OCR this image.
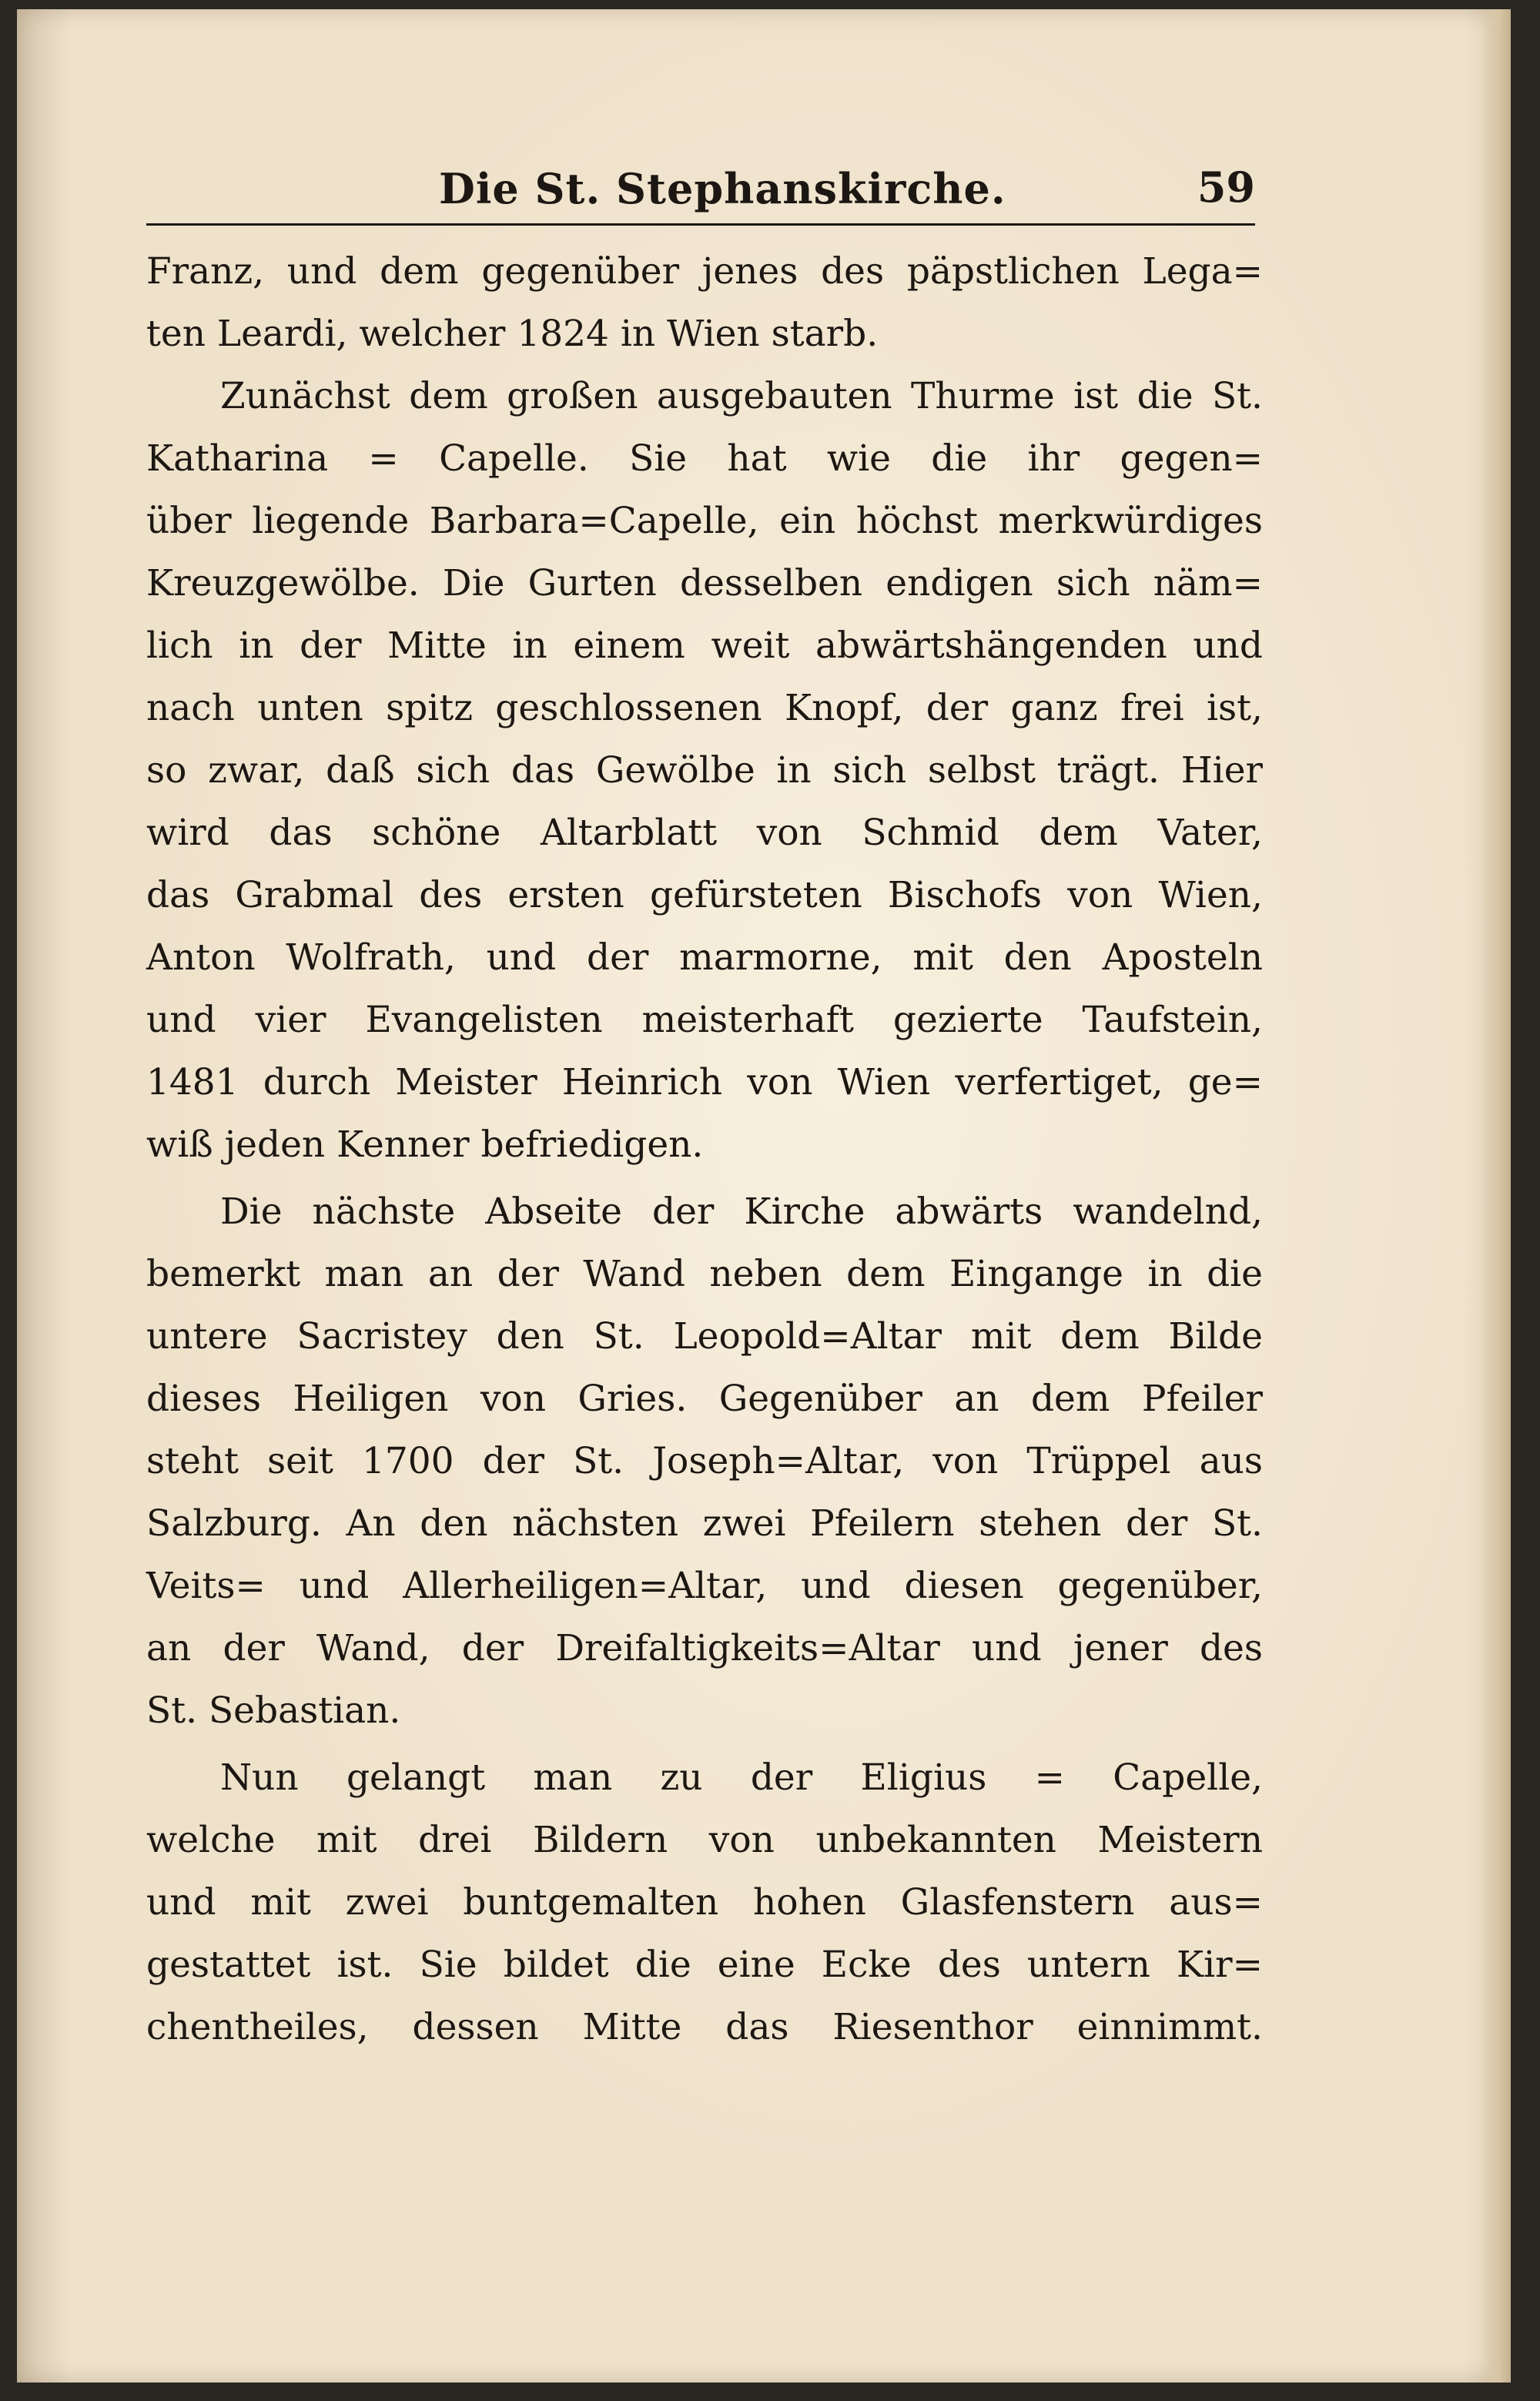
Die St. Stephanskirche.	59
Franz, und dem gegenüber jenes des päpstlichen Lega=
ten Leardi, welcher 1824 in Wien starb.
Zunächst dem großen ausgebauten Thurme ist die St.
Katharina = Capelle. Sie hat wie die ihr gegen=
über liegende Barbara=Capelle, ein höchst merkwürdiges
Kreuzgewölbe. Die Gurten desselben endigen sich näm=
lich in der Mitte in einem weit abwärtshängenden und
nach unten spitz geschlossenen Knopf, der ganz frei ist,
so zwar, daß sich das Gewölbe in sich selbst trägt. Hier
wird das schöne Altarblatt von Schmid dem Vater,
das Grabmal des ersten gefürsteten Bischofs von Wien,
Anton Wolfrath, und der marmorne, mit den Aposteln
und vier Evangelisten meisterhaft gezierte Taufstein,
1481 durch Meister Heinrich von Wien verfertiget, ge=
wiß jeden Kenner befriedigen.
Die nächste Abseite der Kirche abwärts wandelnd,
bemerkt man an der Wand neben dem Eingange in die
untere Sacristey den St. Leopold=Altar mit dem Bilde
dieses Heiligen von Gries. Gegenüber an dem Pfeiler
steht seit 1700 der St. Joseph=Altar, von Trüppel aus
Salzburg. An den nächsten zwei Pfeilern stehen der St.
Veits= und Allerheiligen=Altar, und diesen gegenüber,
an der Wand, der Dreifaltigkeits=Altar und jener des
St. Sebastian.
Nun gelangt man zu der Eligius = Capelle,
welche mit drei Bildern von unbekannten Meistern
und mit zwei buntgemalten hohen Glasfenstern aus=
gestattet ist. Sie bildet die eine Ecke des untern Kir=
chentheiles, dessen Mitte das Riesenthor einnimmt.
